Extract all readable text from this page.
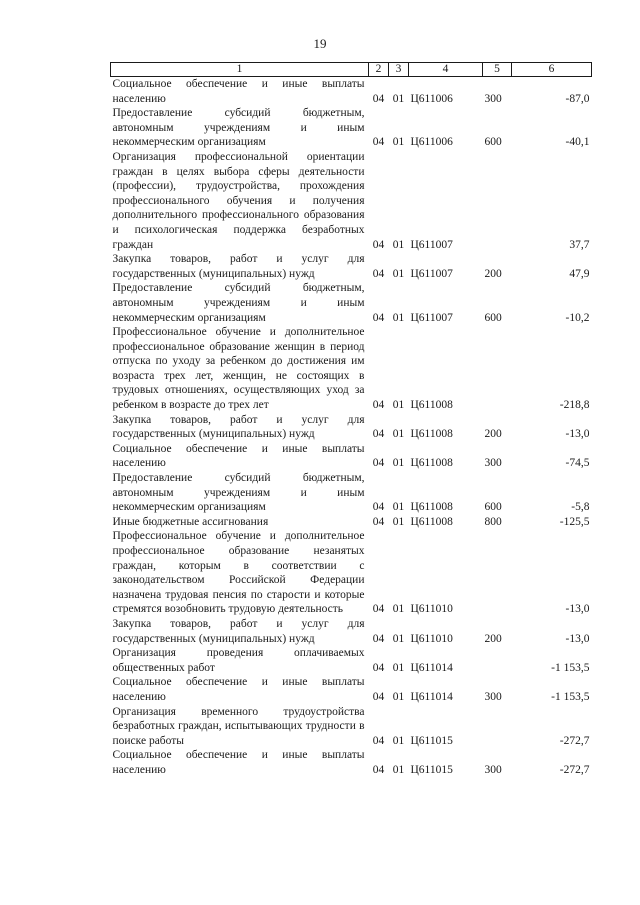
19
1	2	3	4	5	6
Социальное обеспечение и иные выплаты населению	04	01	Ц611006	300	-87,0
Предоставление субсидий бюджетным, автономным учреждениям и иным некоммерческим организациям	04	01	Ц611006	600	-40,1
Организация профессиональной ориентации граждан в целях выбора сферы деятельности (профессии), трудоустройства, прохождения профессионального обучения и получения дополнительного профессионального образования и психологическая поддержка безработных граждан	04	01	Ц611007		37,7
Закупка товаров, работ и услуг для государственных (муниципальных) нужд	04	01	Ц611007	200	47,9
Предоставление субсидий бюджетным, автономным учреждениям и иным некоммерческим организациям	04	01	Ц611007	600	-10,2
Профессиональное обучение и дополнительное профессиональное образование женщин в период отпуска по уходу за ребенком до достижения им возраста трех лет, женщин, не состоящих в трудовых отношениях, осуществляющих уход за ребенком в возрасте до трех лет	04	01	Ц611008		-218,8
Закупка товаров, работ и услуг для государственных (муниципальных) нужд	04	01	Ц611008	200	-13,0
Социальное обеспечение и иные выплаты населению	04	01	Ц611008	300	-74,5
Предоставление субсидий бюджетным, автономным учреждениям и иным некоммерческим организациям	04	01	Ц611008	600	-5,8
Иные бюджетные ассигнования	04	01	Ц611008	800	-125,5
Профессиональное обучение и дополнительное профессиональное образование незанятых граждан, которым в соответствии с законодательством Российской Федерации назначена трудовая пенсия по старости и которые стремятся возобновить трудовую деятельность	04	01	Ц611010		-13,0
Закупка товаров, работ и услуг для государственных (муниципальных) нужд	04	01	Ц611010	200	-13,0
Организация проведения оплачиваемых общественных работ	04	01	Ц611014		-1 153,5
Социальное обеспечение и иные выплаты населению	04	01	Ц611014	300	-1 153,5
Организация временного трудоустройства безработных граждан, испытывающих трудности в поиске работы	04	01	Ц611015		-272,7
Социальное обеспечение и иные выплаты населению	04	01	Ц611015	300	-272,7
